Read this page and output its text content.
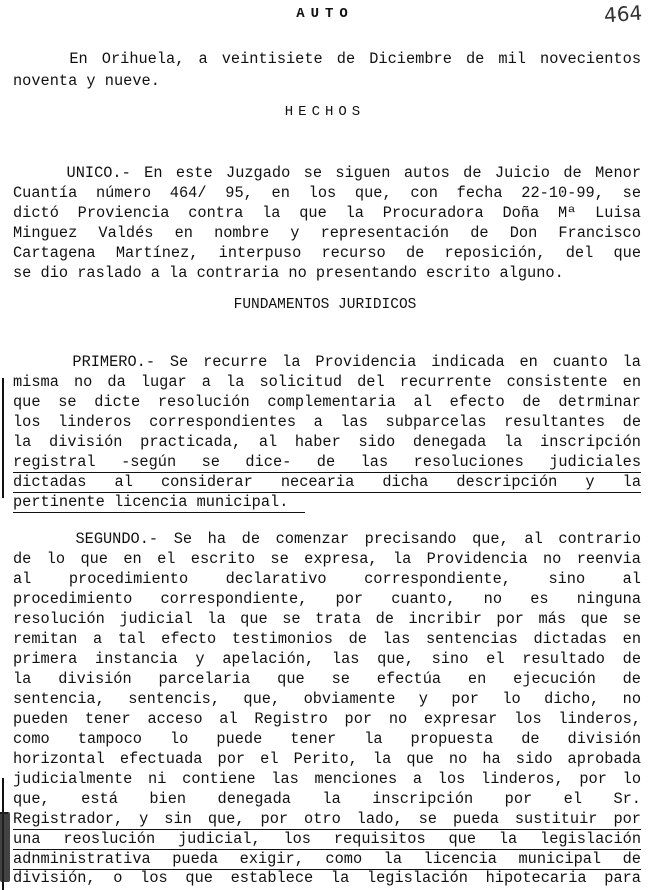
AUTO	464
En Orihuela, a veintisiete de Diciembre de mil novecientos
noventa y nueve.
HECHOS
UNICO.- En este Juzgado se siguen autos de Juicio de Menor
Cuantía número 464/ 95, en los que, con fecha 22-10-99, se
dictó Proviencia contra la que la Procuradora Doña Mª Luisa
Minguez Valdés en nombre y representación de Don Francisco
Cartagena Martínez, interpuso recurso de reposición, del que
se dio raslado a la contraria no presentando escrito alguno.
FUNDAMENTOS JURIDICOS
PRIMERO.- Se recurre la Providencia indicada en cuanto la
misma no da lugar a la solicitud del recurrente consistente en
que se dicte resolución complementaria al efecto de detrminar
los linderos correspondientes a las subparcelas resultantes de
la división practicada, al haber sido denegada la inscripción
registral -según se dice- de las resoluciones judiciales
dictadas al considerar necearia dicha descripción y la
pertinente licencia municipal.
SEGUNDO.- Se ha de comenzar precisando que, al contrario
de lo que en el escrito se expresa, la Providencia no reenvia
al procedimiento declarativo correspondiente, sino al
procedimiento correspondiente, por cuanto, no es ninguna
resolución judicial la que se trata de incribir por más que se
remitan a tal efecto testimonios de las sentencias dictadas en
primera instancia y apelación, las que, sino el resultado de
la división parcelaria que se efectúa en ejecución de
sentencia, sentencis, que, obviamente y por lo dicho, no
pueden tener acceso al Registro por no expresar los linderos,
como tampoco lo puede tener la propuesta de división
horizontal efectuada por el Perito, la que no ha sido aprobada
judicialmente ni contiene las menciones a los linderos, por lo
que, está bien denegada la inscripción por el Sr.
Registrador, y sin que, por otro lado, se pueda sustituir por
una reoslución judicial, los requisitos que la legislación
adnministrativa pueda exigir, como la licencia municipal de
división, o los que establece la legislación hipotecaria para
